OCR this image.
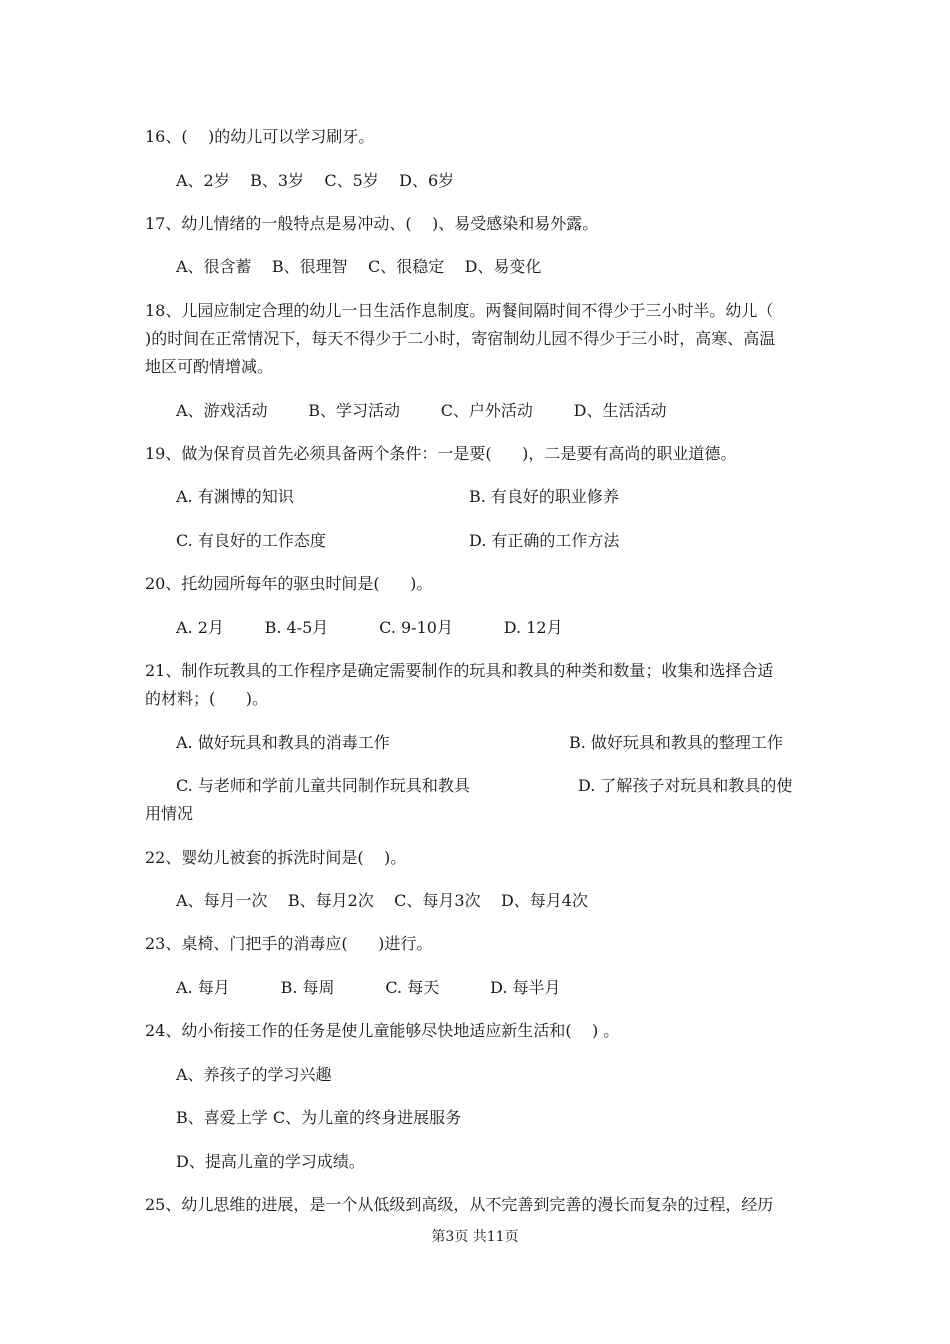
16、(    )的幼儿可以学习刷牙。
A、2岁    B、3岁    C、5岁    D、6岁
17、幼儿情绪的一般特点是易冲动、(    )、易受感染和易外露。
A、很含蓄    B、很理智    C、很稳定    D、易变化
18、儿园应制定合理的幼儿一日生活作息制度。两餐间隔时间不得少于三小时半。幼儿（
)的时间在正常情况下，每天不得少于二小时，寄宿制幼儿园不得少于三小时，高寒、高温
地区可酌情增减。
A、游戏活动        B、学习活动        C、户外活动        D、生活活动
19、做为保育员首先必须具备两个条件：一是要(      )，二是要有高尚的职业道德。
A. 有渊博的知识	B. 有良好的职业修养
C. 有良好的工作态度	D. 有正确的工作方法
20、托幼园所每年的驱虫时间是(      )。
A. 2月        B. 4-5月          C. 9-10月          D. 12月
21、制作玩教具的工作程序是确定需要制作的玩具和教具的种类和数量；收集和选择合适
的材料；(      )。
A. 做好玩具和教具的消毒工作	B. 做好玩具和教具的整理工作
C. 与老师和学前儿童共同制作玩具和教具	D. 了解孩子对玩具和教具的使
用情况
22、婴幼儿被套的拆洗时间是(    )。
A、每月一次    B、每月2次    C、每月3次    D、每月4次
23、桌椅、门把手的消毒应(      )进行。
A. 每月          B. 每周          C. 每天          D. 每半月
24、幼小衔接工作的任务是使儿童能够尽快地适应新生活和(    ) 。
A、养孩子的学习兴趣
B、喜爱上学 C、为儿童的终身进展服务
D、提高儿童的学习成绩。
25、幼儿思维的进展，是一个从低级到高级，从不完善到完善的漫长而复杂的过程，经历
第3页 共11页
